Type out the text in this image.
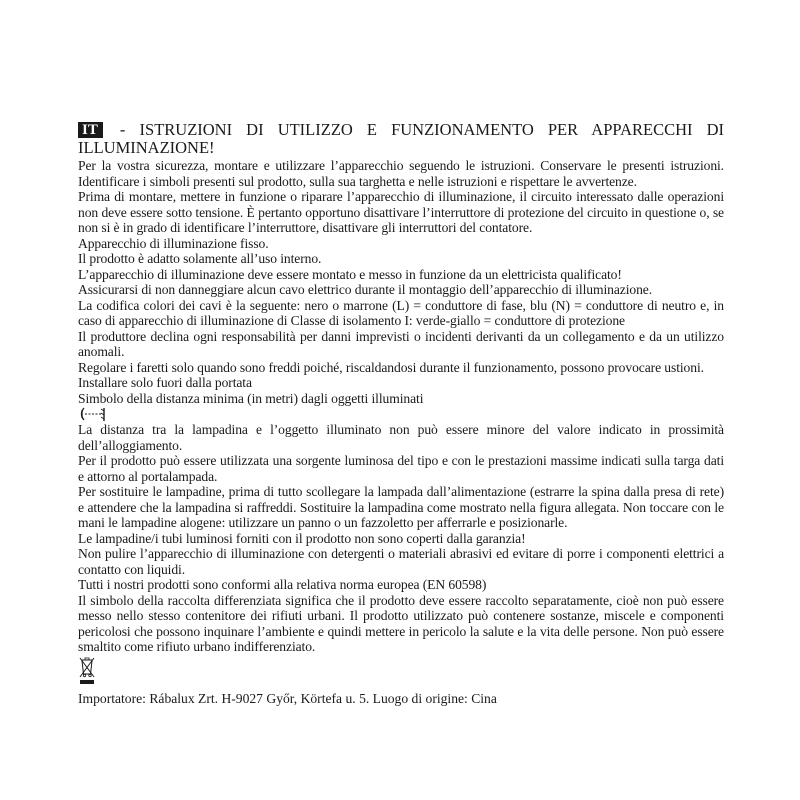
IT - ISTRUZIONI DI UTILIZZO E FUNZIONAMENTO PER APPARECCHI DI ILLUMINAZIONE!

Per la vostra sicurezza, montare e utilizzare l’apparecchio seguendo le istruzioni. Conservare le presenti istruzioni. Identificare i simboli presenti sul prodotto, sulla sua targhetta e nelle istruzioni e rispettare le avvertenze.

Prima di montare, mettere in funzione o riparare l’apparecchio di illuminazione, il circuito interessato dalle operazioni non deve essere sotto tensione. È pertanto opportuno disattivare l’interruttore di protezione del circuito in questione o, se non si è in grado di identificare l’interruttore, disattivare gli interruttori del contatore.

Apparecchio di illuminazione fisso.

Il prodotto è adatto solamente all’uso interno.

L’apparecchio di illuminazione deve essere montato e messo in funzione da un elettricista qualificato!

Assicurarsi di non danneggiare alcun cavo elettrico durante il montaggio dell’apparecchio di illuminazione.

La codifica colori dei cavi è la seguente: nero o marrone (L) = conduttore di fase, blu (N) = conduttore di neutro e, in caso di apparecchio di illuminazione di Classe di isolamento I: verde-giallo = conduttore di protezione

Il produttore declina ogni responsabilità per danni imprevisti o incidenti derivanti da un collegamento e da un utilizzo anomali.

Regolare i faretti solo quando sono freddi poiché, riscaldandosi durante il funzionamento, possono provocare ustioni.

Installare solo fuori dalla portata

Simbolo della distanza minima (in metri) dagli oggetti illuminati

La distanza tra la lampadina e l’oggetto illuminato non può essere minore del valore indicato in prossimità dell’alloggiamento.

Per il prodotto può essere utilizzata una sorgente luminosa del tipo e con le prestazioni massime indicati sulla targa dati e attorno al portalampada.

Per sostituire le lampadine, prima di tutto scollegare la lampada dall’alimentazione (estrarre la spina dalla presa di rete) e attendere che la lampadina si raffreddi. Sostituire la lampadina come mostrato nella figura allegata. Non toccare con le mani le lampadine alogene: utilizzare un panno o un fazzoletto per afferrarle e posizionarle.

Le lampadine/i tubi luminosi forniti con il prodotto non sono coperti dalla garanzia!

Non pulire l’apparecchio di illuminazione con detergenti o materiali abrasivi ed evitare di porre i componenti elettrici a contatto con liquidi.

Tutti i nostri prodotti sono conformi alla relativa norma europea (EN 60598)

Il simbolo della raccolta differenziata significa che il prodotto deve essere raccolto separatamente, cioè non può essere messo nello stesso contenitore dei rifiuti urbani. Il prodotto utilizzato può contenere sostanze, miscele e componenti pericolosi che possono inquinare l’ambiente e quindi mettere in pericolo la salute e la vita delle persone. Non può essere smaltito come rifiuto urbano indifferenziato.

Importatore: Rábalux Zrt. H-9027 Győr, Körtefa u. 5. Luogo di origine: Cina
